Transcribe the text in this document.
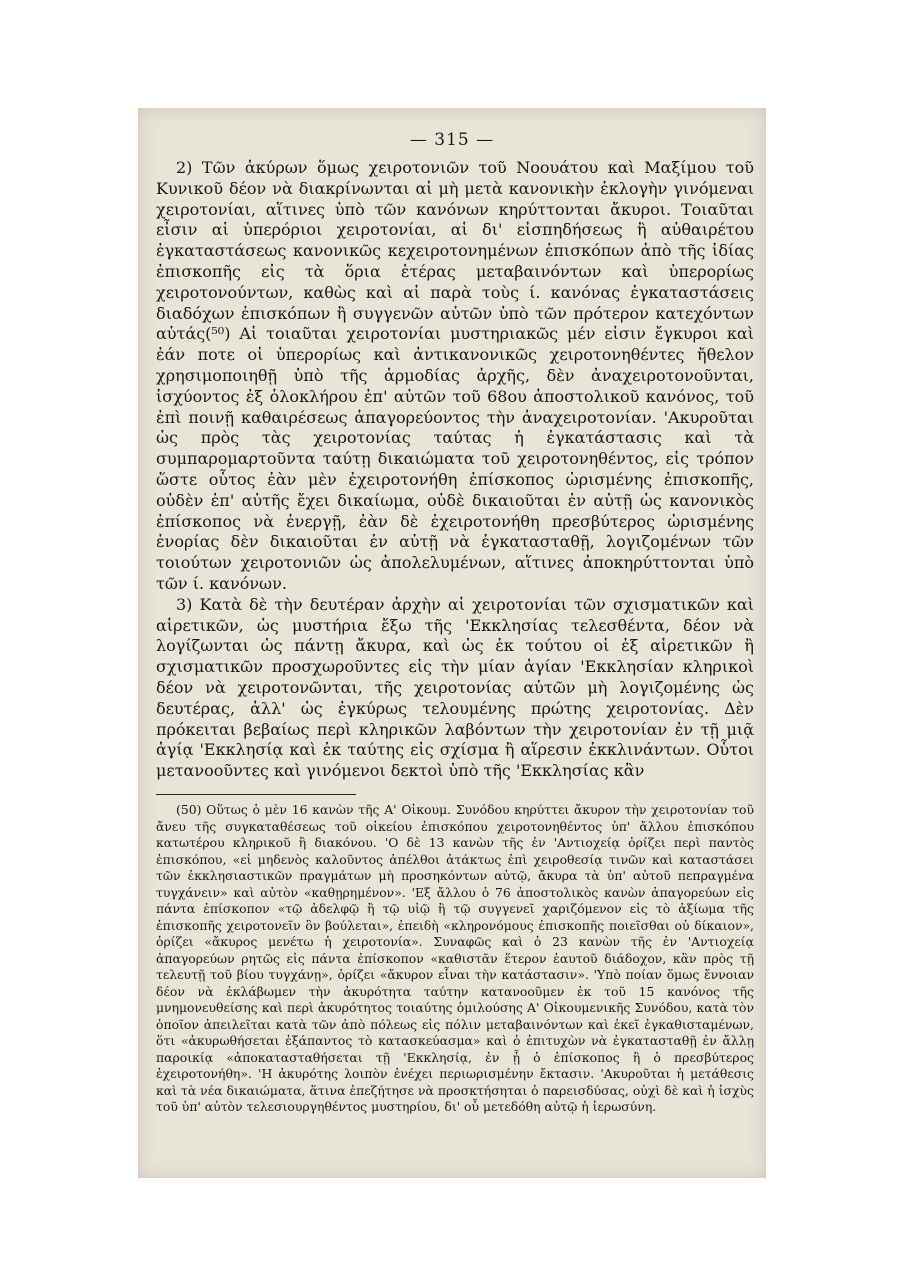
— 315 —

2) Τῶν ἀκύρων ὅμως χειροτονιῶν τοῦ Νοουάτου καὶ Μαξίμου τοῦ Κυνικοῦ δέον νὰ διακρίνωνται αἱ μὴ μετὰ κανονικὴν ἐκλογὴν γινόμεναι χειροτονίαι, αἵτινες ὑπὸ τῶν κανόνων κηρύττονται ἄκυροι. Τοιαῦται εἶσιν αἱ ὑπερόριοι χειροτονίαι, αἱ δι' εἰσπηδήσεως ἢ αὐθαιρέτου ἐγκαταστάσεως κανονικῶς κεχειροτονημένων ἐπισκόπων ἀπὸ τῆς ἰδίας ἐπισκοπῆς εἰς τὰ ὅρια ἑτέρας μεταβαινόντων καὶ ὑπερορίως χειροτονούντων, καθὼς καὶ αἱ παρὰ τοὺς ί. κανόνας ἐγκαταστάσεις διαδόχων ἐπισκόπων ἢ συγγενῶν αὐτῶν ὑπὸ τῶν πρότερον κατεχόντων αὐτάς(⁵⁰) Αἱ τοιαῦται χειροτονίαι μυστηριακῶς μέν εἰσιν ἔγκυροι καὶ ἐάν ποτε οἱ ὑπερορίως καὶ ἀντικανονικῶς χειροτονηθέντες ἤθελον χρησιμοποιηθῇ ὑπὸ τῆς ἁρμοδίας ἀρχῆς, δὲν ἀναχειροτονοῦνται, ἰσχύοντος ἐξ ὁλοκλήρου ἐπ' αὐτῶν τοῦ 68ου ἀποστολικοῦ κανόνος, τοῦ ἐπὶ ποινῇ καθαιρέσεως ἀπαγορεύοντος τὴν ἀναχειροτονίαν. 'Ακυροῦται ὡς πρὸς τὰς χειροτονίας ταύτας ἡ ἐγκατάστασις καὶ τὰ συμπαρομαρτοῦντα ταύτῃ δικαιώματα τοῦ χειροτονηθέντος, εἰς τρόπον ὥστε οὗτος ἐὰν μὲν ἐχειροτονήθη ἐπίσκοπος ὡρισμένης ἐπισκοπῆς, οὐδὲν ἐπ' αὐτῆς ἔχει δικαίωμα, οὐδὲ δικαιοῦται ἐν αὐτῇ ὡς κανονικὸς ἐπίσκοπος νὰ ἐνεργῇ, ἐὰν δὲ ἐχειροτονήθη πρεσβύτερος ὡρισμένης ἐνορίας δὲν δικαιοῦται ἐν αὐτῇ νὰ ἐγκατασταθῇ, λογιζομένων τῶν τοιούτων χειροτονιῶν ὡς ἀπολελυμένων, αἵτινες ἀποκηρύττονται ὑπὸ τῶν ί. κανόνων.

3) Κατὰ δὲ τὴν δευτέραν ἀρχὴν αἱ χειροτονίαι τῶν σχισματικῶν καὶ αἱρετικῶν, ὡς μυστήρια ἔξω τῆς 'Εκκλησίας τελεσθέντα, δέον νὰ λογίζωνται ὡς πάντῃ ἄκυρα, καὶ ὡς ἐκ τούτου οἱ ἐξ αἱρετικῶν ἢ σχισματικῶν προσχωροῦντες εἰς τὴν μίαν ἁγίαν 'Εκκλησίαν κληρικοὶ δέον νὰ χειροτονῶνται, τῆς χειροτονίας αὐτῶν μὴ λογιζομένης ὡς δευτέρας, ἀλλ' ὡς ἐγκύρως τελουμένης πρώτης χειροτονίας. Δὲν πρόκειται βεβαίως περὶ κληρικῶν λαβόντων τὴν χειροτονίαν ἐν τῇ μιᾷ ἁγίᾳ 'Εκκλησίᾳ καὶ ἐκ ταύτης εἰς σχίσμα ἢ αἵρεσιν ἐκκλινάντων. Οὗτοι μετανοοῦντες καὶ γινόμενοι δεκτοὶ ὑπὸ τῆς 'Εκκλησίας κἂν

(50) Οὕτως ὁ μὲν 16 κανὼν τῆς Α' Οἰκουμ. Συνόδου κηρύττει ἄκυρον τὴν χειροτονίαν τοῦ ἄνευ τῆς συγκαταθέσεως τοῦ οἰκείου ἐπισκόπου χειροτονηθέντος ὑπ' ἄλλου ἐπισκόπου κατωτέρου κληρικοῦ ἢ διακόνου. 'Ο δὲ 13 κανὼν τῆς ἐν 'Αντιοχείᾳ ὁρίζει περὶ παντὸς ἐπισκόπου, «εἰ μηδενὸς καλοῦντος ἀπέλθοι ἀτάκτως ἐπὶ χειροθεσίᾳ τινῶν καὶ καταστάσει τῶν ἐκκλησιαστικῶν πραγμάτων μὴ προσηκόντων αὐτῷ, ἄκυρα τὰ ὑπ' αὐτοῦ πεπραγμένα τυγχάνειν» καὶ αὐτὸν «καθῃρημένον». 'Εξ ἄλλου ὁ 76 ἀποστολικὸς κανὼν ἀπαγορεύων εἰς πάντα ἐπίσκοπον «τῷ ἀδελφῷ ἢ τῷ υἱῷ ἢ τῷ συγγενεῖ χαριζόμενον εἰς τὸ ἀξίωμα τῆς ἐπισκοπῆς χειροτονεῖν ὃν βούλεται», ἐπειδὴ «κληρονόμους ἐπισκοπῆς ποιεῖσθαι οὐ δίκαιον», ὁρίζει «ἄκυρος μενέτω ἡ χειροτονία». Συναφῶς καὶ ὁ 23 κανὼν τῆς ἐν 'Αντιοχείᾳ ἀπαγορεύων ρητῶς εἰς πάντα ἐπίσκοπον «καθιστᾶν ἕτερον ἑαυτοῦ διάδοχον, κἂν πρὸς τῇ τελευτῇ τοῦ βίου τυγχάνῃ», ὁρίζει «ἄκυρον εἶναι τὴν κατάστασιν». 'Υπὸ ποίαν ὅμως ἔννοιαν δέον νὰ ἐκλάβωμεν τὴν ἀκυρότητα ταύτην κατανοοῦμεν ἐκ τοῦ 15 κανόνος τῆς μνημονευθείσης καὶ περὶ ἀκυρότητος τοιαύτης ὁμιλούσης Α' Οἰκουμενικῆς Συνόδου, κατὰ τὸν ὁποῖον ἀπειλεῖται κατὰ τῶν ἀπὸ πόλεως εἰς πόλιν μεταβαινόντων καὶ ἐκεῖ ἐγκαθισταμένων, ὅτι «ἀκυρωθήσεται ἐξάπαντος τὸ κατασκεύασμα» καὶ ὁ ἐπιτυχὼν νὰ ἐγκατασταθῇ ἐν ἄλλῃ παροικίᾳ «ἀποκατασταθήσεται τῇ 'Εκκλησίᾳ, ἐν ᾗ ὁ ἐπίσκοπος ἢ ὁ πρεσβύτερος ἐχειροτονήθη». 'Η ἀκυρότης λοιπὸν ἐνέχει περιωρισμένην ἔκτασιν. 'Ακυροῦται ἡ μετάθεσις καὶ τὰ νέα δικαιώματα, ἅτινα ἐπεζήτησε νὰ προσκτήσηται ὁ παρεισδύσας, οὐχὶ δὲ καὶ ἡ ἰσχὺς τοῦ ὑπ' αὐτὸν τελεσιουργηθέντος μυστηρίου, δι' οὗ μετεδόθη αὐτῷ ἡ ἱερωσύνη.
